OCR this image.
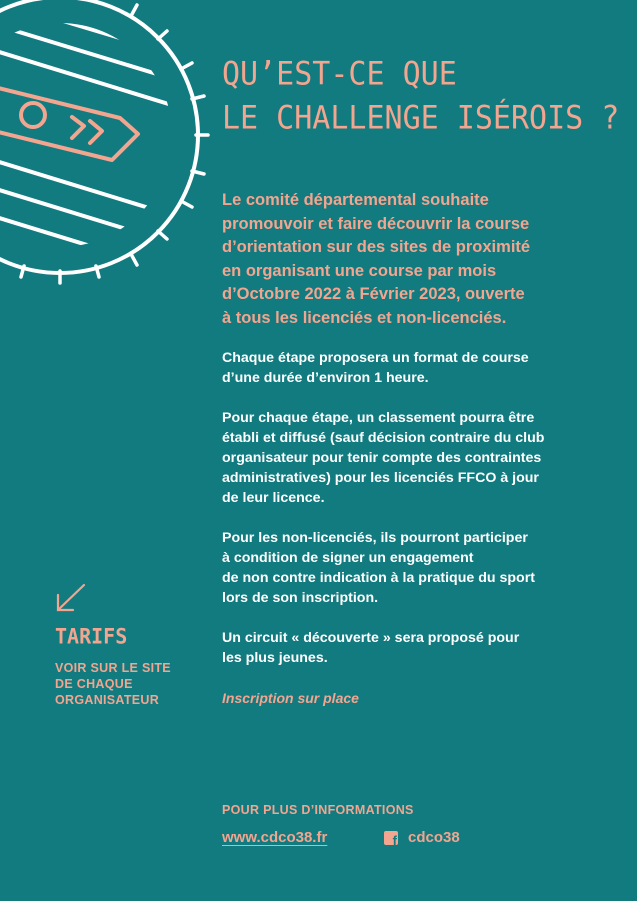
QU’EST-CE QUE
LE CHALLENGE ISÉROIS ?

Le comité départemental souhaite
promouvoir et faire découvrir la course
d’orientation sur des sites de proximité
en organisant une course par mois
d’Octobre 2022 à Février 2023, ouverte
à tous les licenciés et non-licenciés.

Chaque étape proposera un format de course
d’une durée d’environ 1 heure.

Pour chaque étape, un classement pourra être
établi et diffusé (sauf décision contraire du club
organisateur pour tenir compte des contraintes
administratives) pour les licenciés FFCO à jour
de leur licence.

Pour les non-licenciés, ils pourront participer
à condition de signer un engagement
de non contre indication à la pratique du sport
lors de son inscription.

Un circuit « découverte » sera proposé pour
les plus jeunes.

Inscription sur place

TARIFS

VOIR SUR LE SITE
DE CHAQUE
ORGANISATEUR

POUR PLUS D’INFORMATIONS

www.cdco38.fr	f cdco38
